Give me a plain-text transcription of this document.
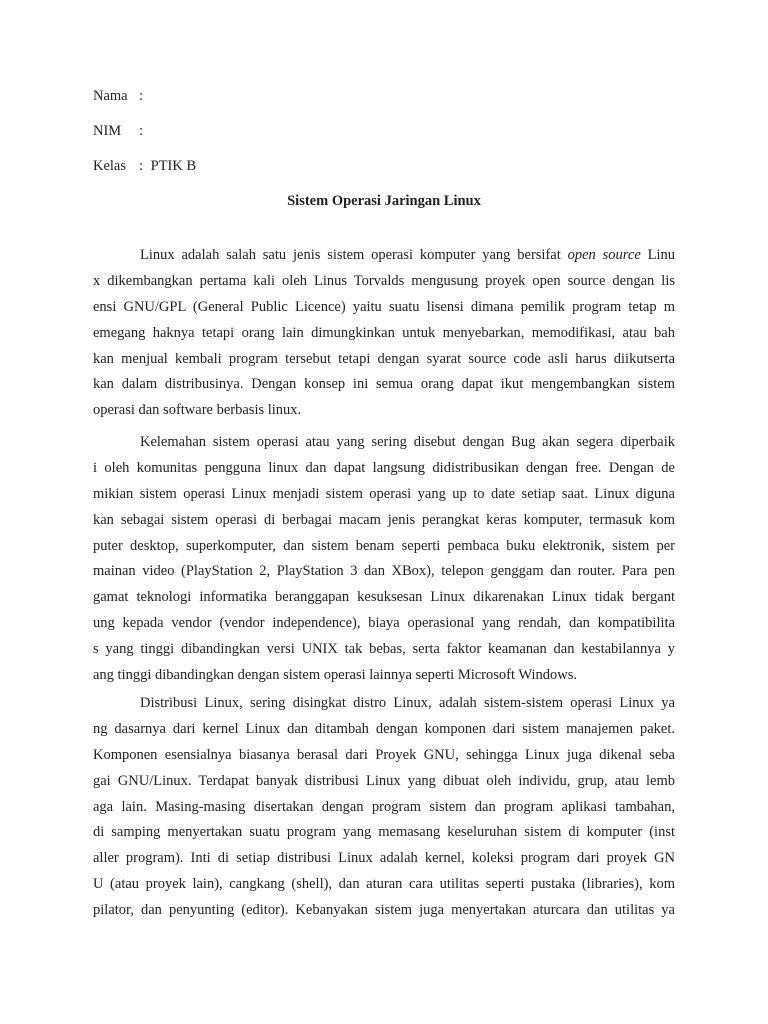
Nama :
NIM :
Kelas : PTIK B
Sistem Operasi Jaringan Linux
Linux adalah salah satu jenis sistem operasi komputer yang bersifat open source Linu
x dikembangkan pertama kali oleh Linus Torvalds mengusung proyek open source dengan lis
ensi GNU/GPL (General Public Licence) yaitu suatu lisensi dimana pemilik program tetap m
emegang haknya tetapi orang lain dimungkinkan untuk menyebarkan, memodifikasi, atau bah
kan menjual kembali program tersebut tetapi dengan syarat source code asli harus diikutserta
kan dalam distribusinya. Dengan konsep ini semua orang dapat ikut mengembangkan sistem
operasi dan software berbasis linux.
Kelemahan sistem operasi atau yang sering disebut dengan Bug akan segera diperbaik
i oleh komunitas pengguna linux dan dapat langsung didistribusikan dengan free. Dengan de
mikian sistem operasi Linux menjadi sistem operasi yang up to date setiap saat. Linux diguna
kan sebagai sistem operasi di berbagai macam jenis perangkat keras komputer, termasuk kom
puter desktop, superkomputer, dan sistem benam seperti pembaca buku elektronik, sistem per
mainan video (PlayStation 2, PlayStation 3 dan XBox), telepon genggam dan router. Para pen
gamat teknologi informatika beranggapan kesuksesan Linux dikarenakan Linux tidak bergant
ung kepada vendor (vendor independence), biaya operasional yang rendah, dan kompatibilita
s yang tinggi dibandingkan versi UNIX tak bebas, serta faktor keamanan dan kestabilannya y
ang tinggi dibandingkan dengan sistem operasi lainnya seperti Microsoft Windows.
Distribusi Linux, sering disingkat distro Linux, adalah sistem-sistem operasi Linux ya
ng dasarnya dari kernel Linux dan ditambah dengan komponen dari sistem manajemen paket.
Komponen esensialnya biasanya berasal dari Proyek GNU, sehingga Linux juga dikenal seba
gai GNU/Linux. Terdapat banyak distribusi Linux yang dibuat oleh individu, grup, atau lemb
aga lain. Masing-masing disertakan dengan program sistem dan program aplikasi tambahan,
di samping menyertakan suatu program yang memasang keseluruhan sistem di komputer (inst
aller program). Inti di setiap distribusi Linux adalah kernel, koleksi program dari proyek GN
U (atau proyek lain), cangkang (shell), dan aturan cara utilitas seperti pustaka (libraries), kom
pilator, dan penyunting (editor). Kebanyakan sistem juga menyertakan aturcara dan utilitas ya
